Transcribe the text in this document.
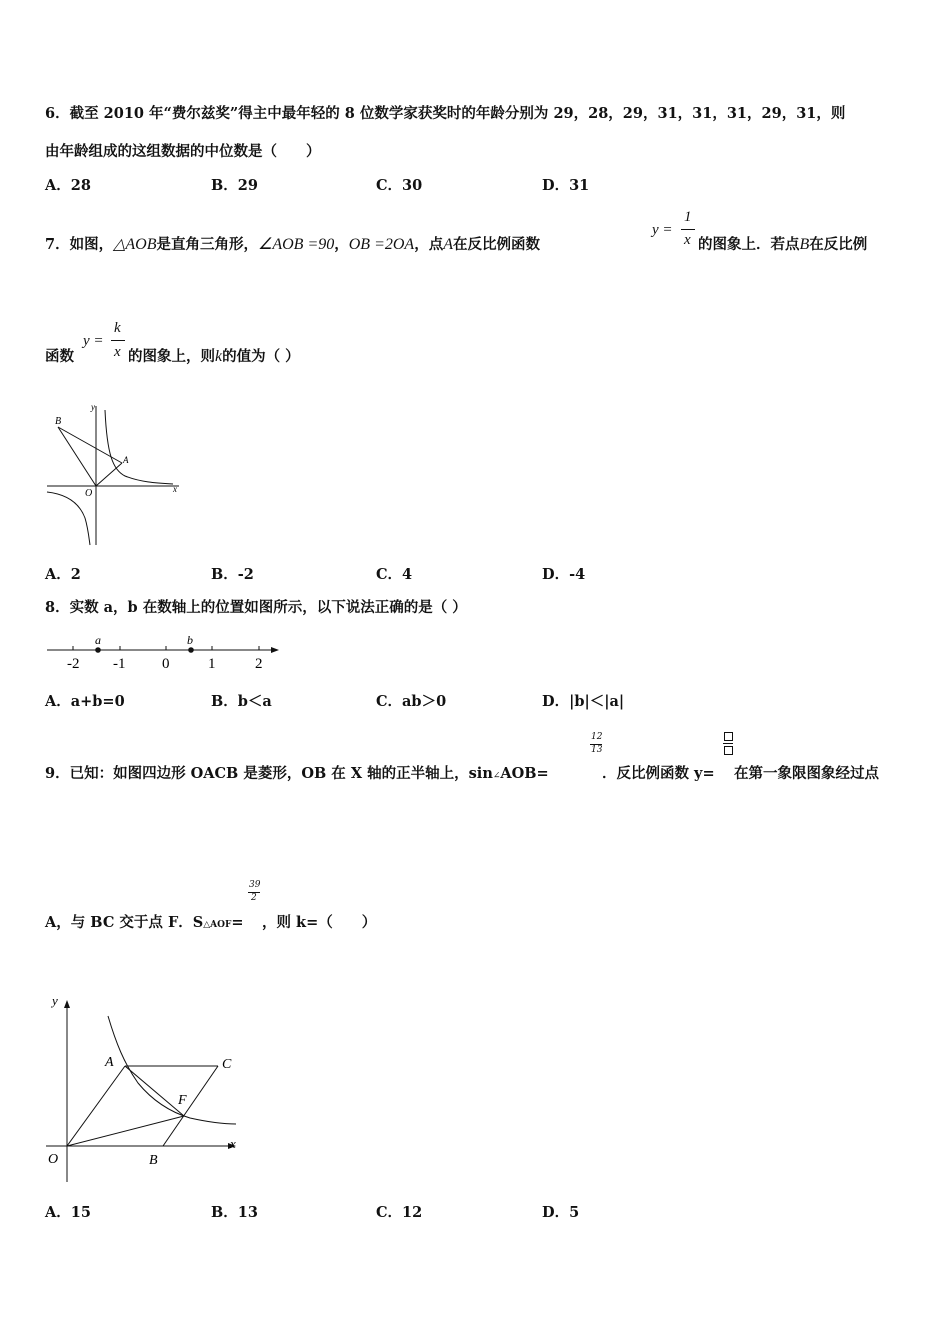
6．截至 2010 年“费尔兹奖”得主中最年轻的 8 位数学家获奖时的年龄分别为 29，28，29，31，31，31，29，31，则
由年龄组成的这组数据的中位数是（　　）
A．28	B．29	C．30	D．31
7．如图，△AOB是直角三角形，∠AOB =90，OB =2OA，点A在反比例函数
y =
1
x 的图象上．若点B在反比例
函数
y =
k
x 的图象上，则k的值为（ ）
y
B
A
O	x
A．2	B．-2	C．4	D．-4
8．实数 a，b 在数轴上的位置如图所示，以下说法正确的是（ ）
a	b
-2 -1 0	1	2
A．a+b=0	B．b＜a	C．ab＞0	D．|b|＜|a|
9．已知：如图四边形 OACB 是菱形，OB 在 X 轴的正半轴上，sin∠AOB=
12
13
．反比例函数 y= 在第一象限图象经过点
A，与 BC 交于点 F．S△AOF=
39
2
，则 k=（　　）
y
A	C
F
O	B
x
A．15	B．13	C．12	D．5
